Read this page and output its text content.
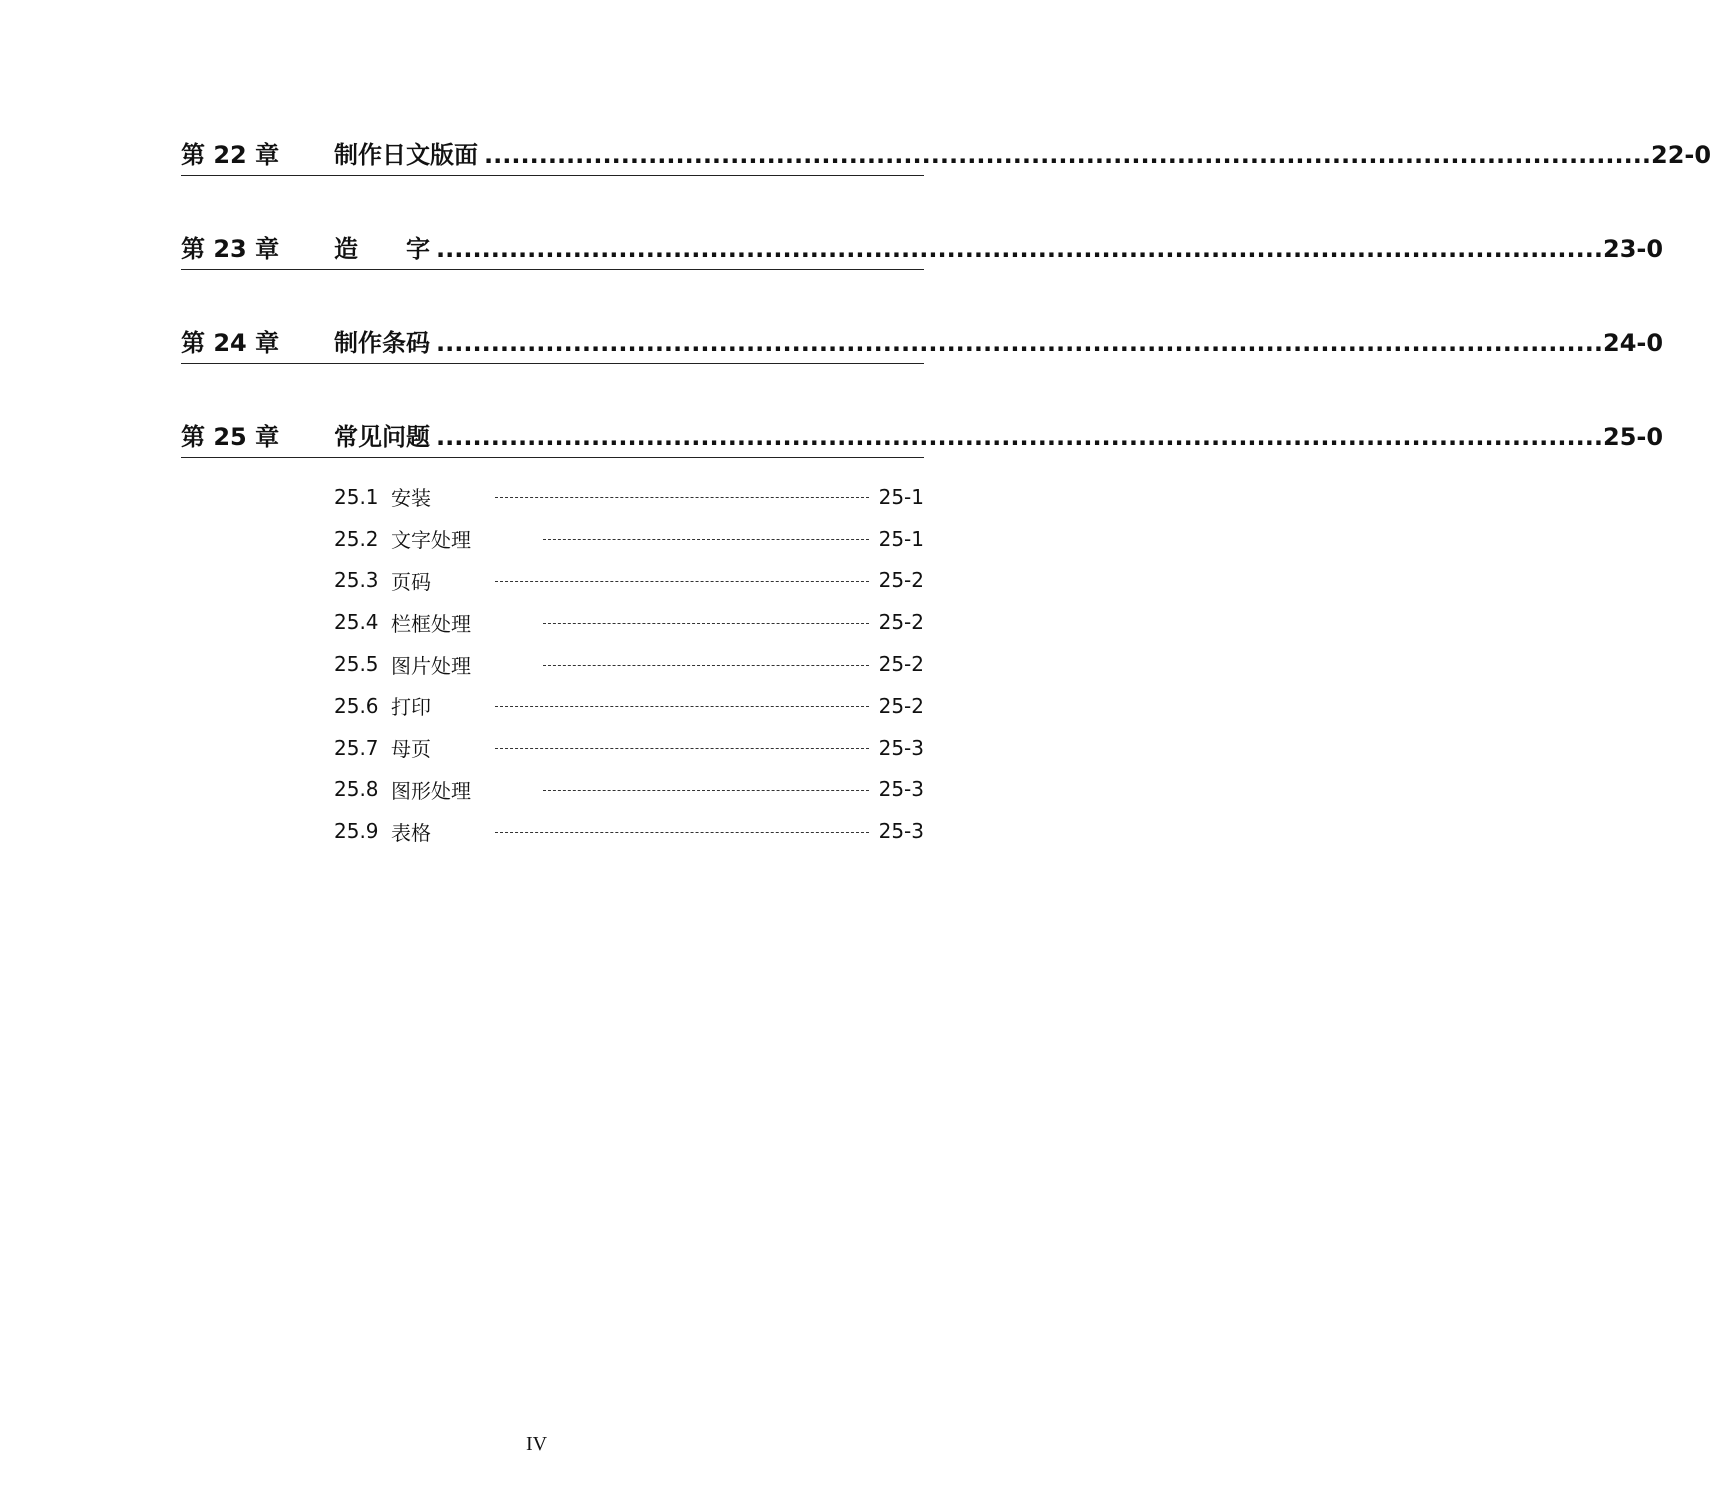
第 22 章 制作日文版面 ................................................................................................................................ 22-0
第 23 章 造　　字 ................................................................................................................................ 23-0
第 24 章 制作条码 ................................................................................................................................ 24-0
第 25 章 常见问题 ................................................................................................................................ 25-0
25.1 安装	25-1
25.2 文字处理	25-1
25.3 页码	25-2
25.4 栏框处理	25-2
25.5 图片处理	25-2
25.6 打印	25-2
25.7 母页	25-3
25.8 图形处理	25-3
25.9 表格	25-3
IV
